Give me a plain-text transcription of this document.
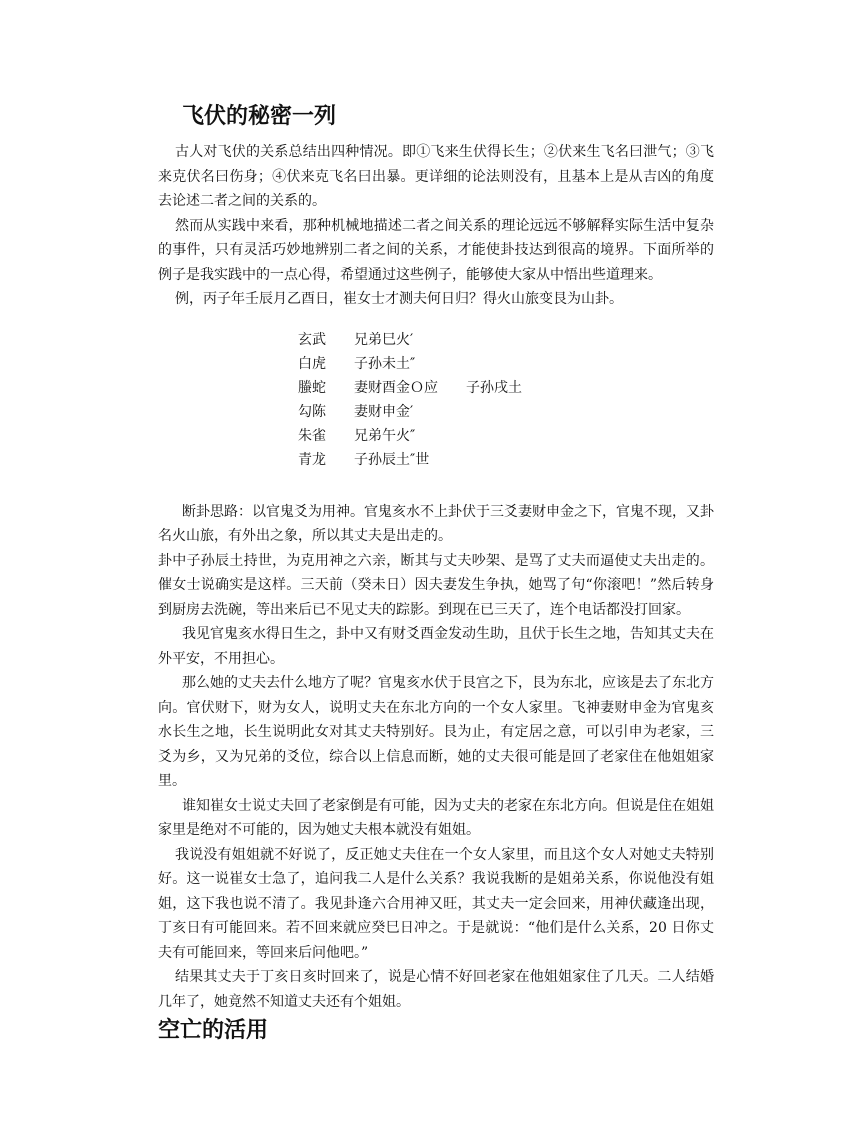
飞伏的秘密一列

古人对飞伏的关系总结出四种情况。即①飞来生伏得长生；②伏来生飞名曰泄气；③飞来克伏名曰伤身；④伏来克飞名曰出暴。更详细的论法则没有，且基本上是从吉凶的角度去论述二者之间的关系的。

然而从实践中来看，那种机械地描述二者之间关系的理论远远不够解释实际生活中复杂的事件，只有灵活巧妙地辨别二者之间的关系，才能使卦技达到很高的境界。下面所举的例子是我实践中的一点心得，希望通过这些例子，能够使大家从中悟出些道理来。

例，丙子年壬辰月乙酉日，崔女士才测夫何日归？得火山旅变艮为山卦。

玄武	兄弟巳火′
白虎	子孙未土″
螣蛇	妻财酉金Ｏ应	子孙戌土
勾陈	妻财申金′
朱雀	兄弟午火″
青龙	子孙辰土″世

断卦思路：以官鬼爻为用神。官鬼亥水不上卦伏于三爻妻财申金之下，官鬼不现，又卦名火山旅，有外出之象，所以其丈夫是出走的。

卦中子孙辰土持世，为克用神之六亲，断其与丈夫吵架、是骂了丈夫而逼使丈夫出走的。催女士说确实是这样。三天前（癸未日）因夫妻发生争执，她骂了句“你滚吧！”然后转身到厨房去洗碗，等出来后已不见丈夫的踪影。到现在已三天了，连个电话都没打回家。

我见官鬼亥水得日生之，卦中又有财爻酉金发动生助，且伏于长生之地，告知其丈夫在外平安，不用担心。

那么她的丈夫去什么地方了呢？官鬼亥水伏于艮宫之下，艮为东北，应该是去了东北方向。官伏财下，财为女人，说明丈夫在东北方向的一个女人家里。飞神妻财申金为官鬼亥水长生之地，长生说明此女对其丈夫特别好。艮为止，有定居之意，可以引申为老家，三爻为乡，又为兄弟的爻位，综合以上信息而断，她的丈夫很可能是回了老家住在他姐姐家里。

谁知崔女士说丈夫回了老家倒是有可能，因为丈夫的老家在东北方向。但说是住在姐姐家里是绝对不可能的，因为她丈夫根本就没有姐姐。

我说没有姐姐就不好说了，反正她丈夫住在一个女人家里，而且这个女人对她丈夫特别好。这一说崔女士急了，追问我二人是什么关系？我说我断的是姐弟关系，你说他没有姐姐，这下我也说不清了。我见卦逢六合用神又旺，其丈夫一定会回来，用神伏藏逢出现，丁亥日有可能回来。若不回来就应癸巳日冲之。于是就说：“他们是什么关系，20 日你丈夫有可能回来，等回来后问他吧。”

结果其丈夫于丁亥日亥时回来了，说是心情不好回老家在他姐姐家住了几天。二人结婚几年了，她竟然不知道丈夫还有个姐姐。

空亡的活用
